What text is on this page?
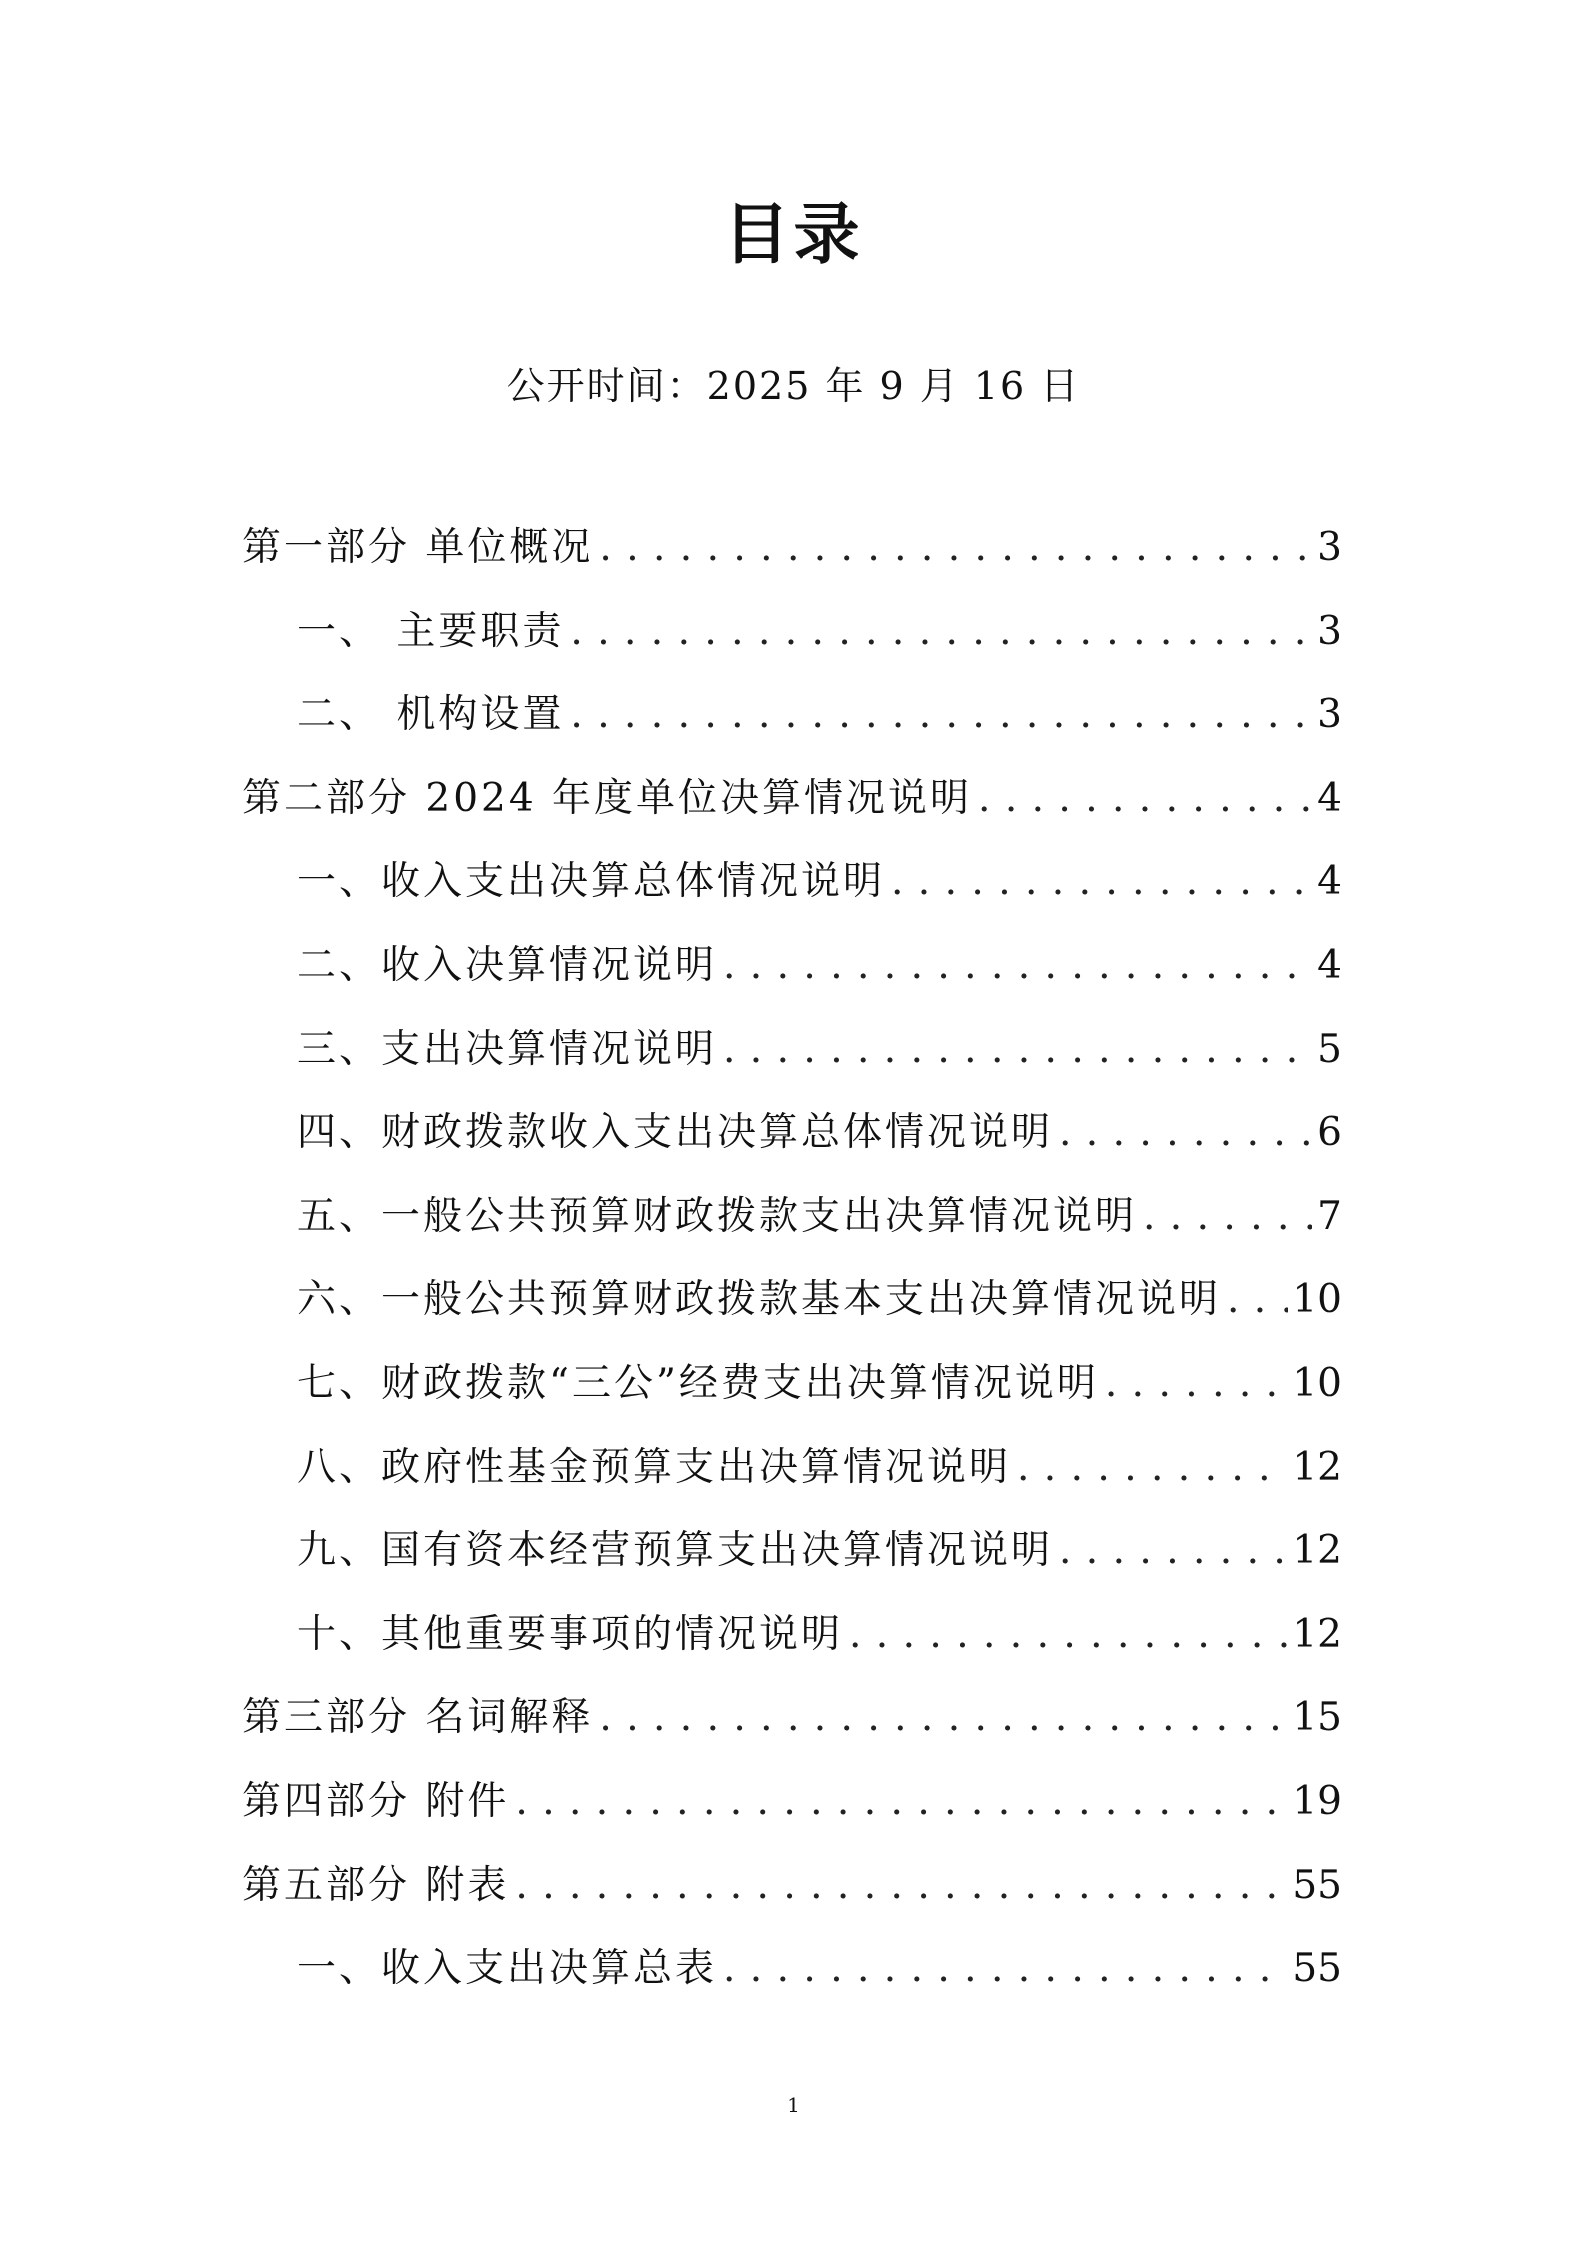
目录
公开时间：2025 年 9 月 16 日
第一部分 单位概况 . . .	3
一、 主要职责 . . .	3
二、 机构设置 . . .	3
第二部分 2024 年度单位决算情况说明 . . .	4
一、收入支出决算总体情况说明 . . .	4
二、收入决算情况说明 . . .	4
三、支出决算情况说明 . . .	5
四、财政拨款收入支出决算总体情况说明 . . .	6
五、一般公共预算财政拨款支出决算情况说明 . . .	7
六、一般公共预算财政拨款基本支出决算情况说明 . . . 10
七、财政拨款“三公”经费支出决算情况说明 . . .	10
八、政府性基金预算支出决算情况说明 . . .	12
九、国有资本经营预算支出决算情况说明 . . .	12
十、其他重要事项的情况说明 . . .	12
第三部分 名词解释 . . .	15
第四部分 附件 . . .	19
第五部分 附表 . . .	55
一、收入支出决算总表 . . .	55
1
